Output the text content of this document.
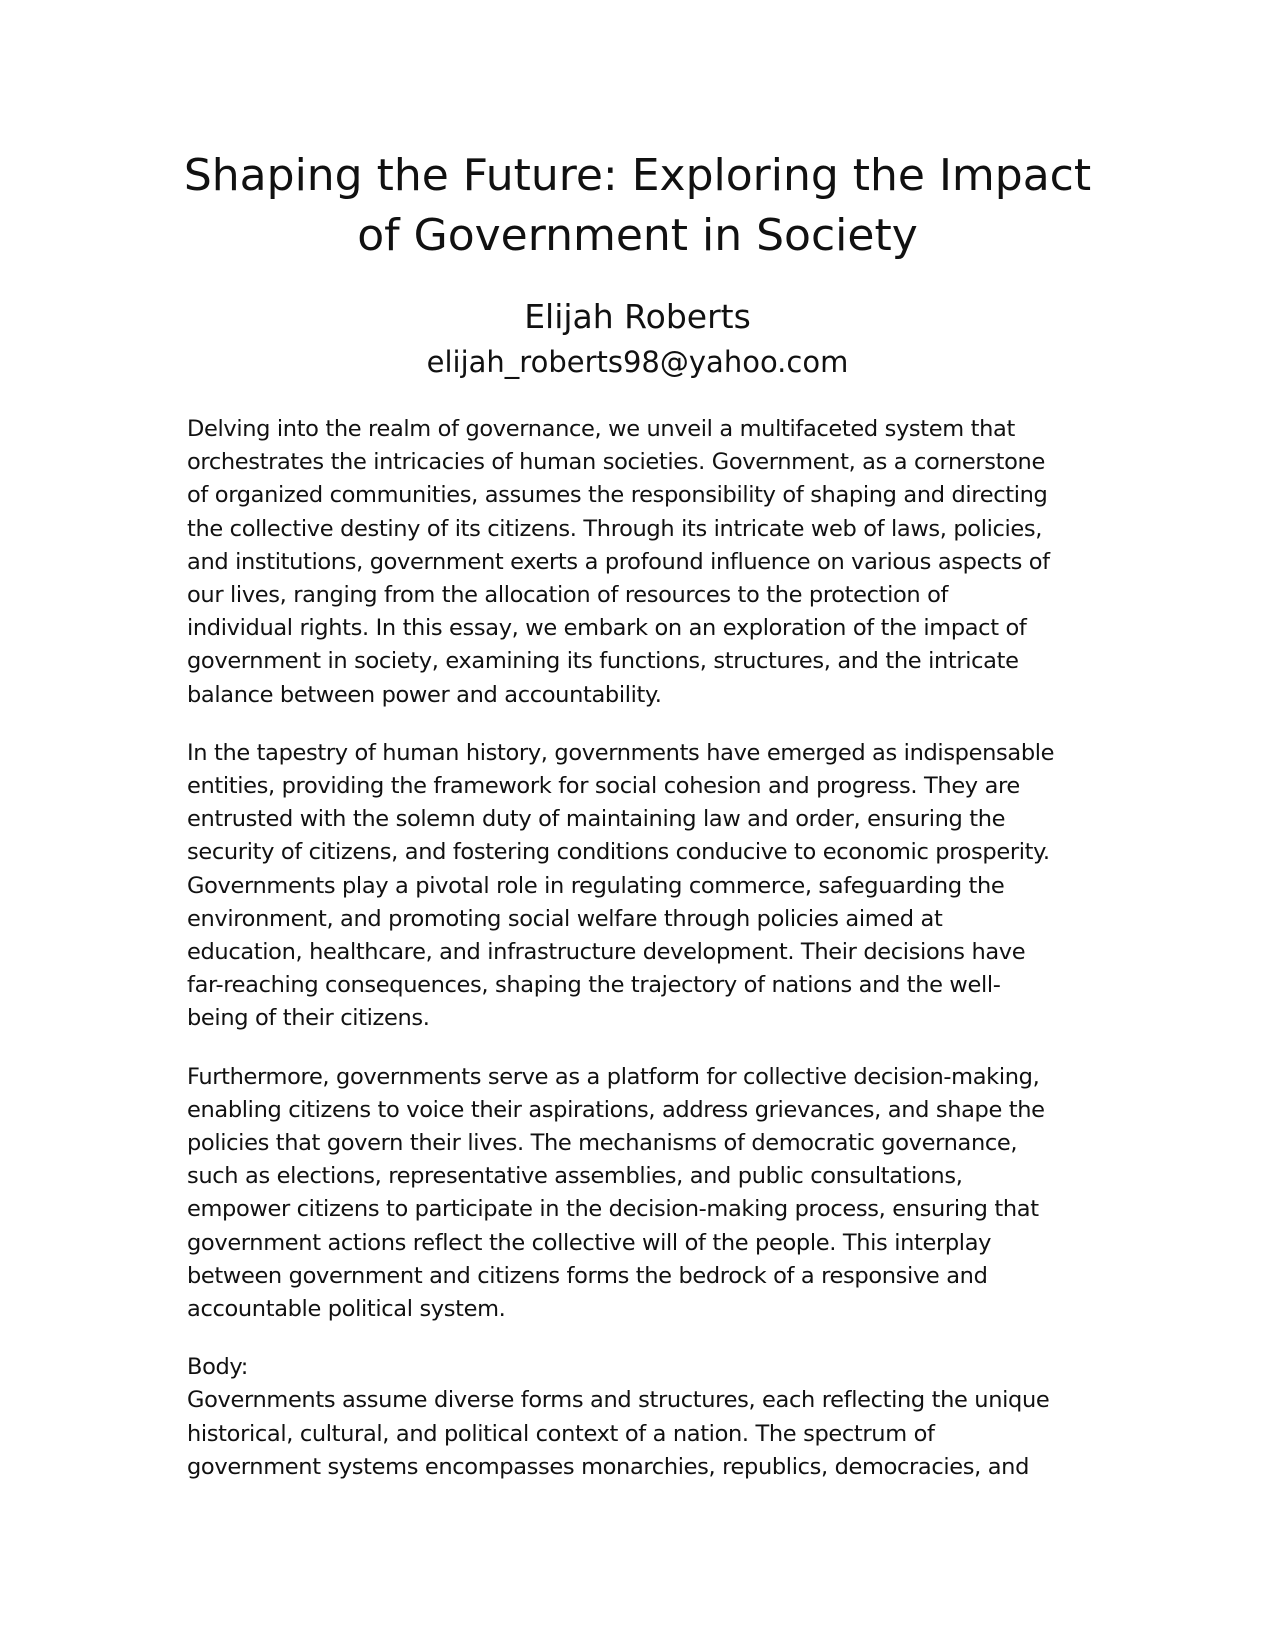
Shaping the Future: Exploring the Impact
of Government in Society
Elijah Roberts
elijah_roberts98@yahoo.com

Delving into the realm of governance, we unveil a multifaceted system that
orchestrates the intricacies of human societies. Government, as a cornerstone
of organized communities, assumes the responsibility of shaping and directing
the collective destiny of its citizens. Through its intricate web of laws, policies,
and institutions, government exerts a profound influence on various aspects of
our lives, ranging from the allocation of resources to the protection of
individual rights. In this essay, we embark on an exploration of the impact of
government in society, examining its functions, structures, and the intricate
balance between power and accountability.

In the tapestry of human history, governments have emerged as indispensable
entities, providing the framework for social cohesion and progress. They are
entrusted with the solemn duty of maintaining law and order, ensuring the
security of citizens, and fostering conditions conducive to economic prosperity.
Governments play a pivotal role in regulating commerce, safeguarding the
environment, and promoting social welfare through policies aimed at
education, healthcare, and infrastructure development. Their decisions have
far-reaching consequences, shaping the trajectory of nations and the well-
being of their citizens.

Furthermore, governments serve as a platform for collective decision-making,
enabling citizens to voice their aspirations, address grievances, and shape the
policies that govern their lives. The mechanisms of democratic governance,
such as elections, representative assemblies, and public consultations,
empower citizens to participate in the decision-making process, ensuring that
government actions reflect the collective will of the people. This interplay
between government and citizens forms the bedrock of a responsive and
accountable political system.

Body:
Governments assume diverse forms and structures, each reflecting the unique
historical, cultural, and political context of a nation. The spectrum of
government systems encompasses monarchies, republics, democracies, and
